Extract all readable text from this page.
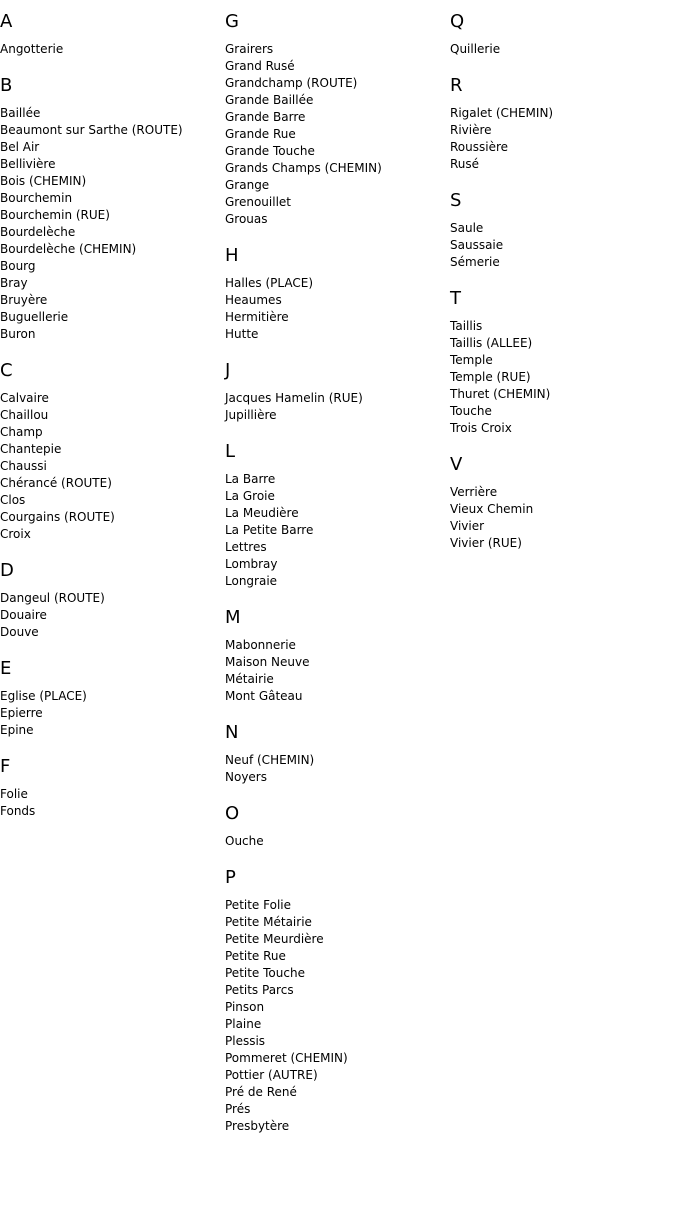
A
Angotterie
B
Baillée
Beaumont sur Sarthe (ROUTE)
Bel Air
Bellivière
Bois (CHEMIN)
Bourchemin
Bourchemin (RUE)
Bourdelèche
Bourdelèche (CHEMIN)
Bourg
Bray
Bruyère
Buguellerie
Buron
C
Calvaire
Chaillou
Champ
Chantepie
Chaussi
Chérancé (ROUTE)
Clos
Courgains (ROUTE)
Croix
D
Dangeul (ROUTE)
Douaire
Douve
E
Eglise (PLACE)
Epierre
Epine
F
Folie
Fonds
G
Grairers
Grand Rusé
Grandchamp (ROUTE)
Grande Baillée
Grande Barre
Grande Rue
Grande Touche
Grands Champs (CHEMIN)
Grange
Grenouillet
Grouas
H
Halles (PLACE)
Heaumes
Hermitière
Hutte
J
Jacques Hamelin (RUE)
Jupillière
L
La Barre
La Groie
La Meudière
La Petite Barre
Lettres
Lombray
Longraie
M
Mabonnerie
Maison Neuve
Métairie
Mont Gâteau
N
Neuf (CHEMIN)
Noyers
O
Ouche
P
Petite Folie
Petite Métairie
Petite Meurdière
Petite Rue
Petite Touche
Petits Parcs
Pinson
Plaine
Plessis
Pommeret (CHEMIN)
Pottier (AUTRE)
Pré de René
Prés
Presbytère
Q
Quillerie
R
Rigalet (CHEMIN)
Rivière
Roussière
Rusé
S
Saule
Saussaie
Sémerie
T
Taillis
Taillis (ALLEE)
Temple
Temple (RUE)
Thuret (CHEMIN)
Touche
Trois Croix
V
Verrière
Vieux Chemin
Vivier
Vivier (RUE)
